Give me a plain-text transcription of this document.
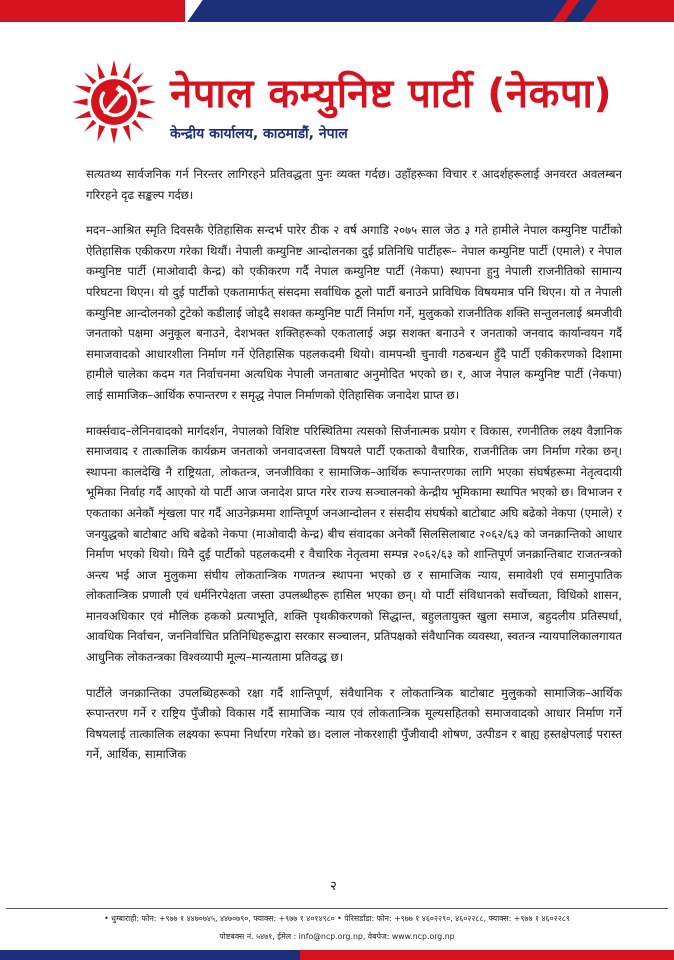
नेपाल कम्युनिष्ट पार्टी (नेकपा)
केन्द्रीय कार्यालय, काठमाडौं, नेपाल

सत्यतथ्य सार्वजनिक गर्न निरन्तर लागिरहने प्रतिवद्धता पुनः व्यक्त गर्दछ। उहाँहरूका विचार र आदर्शहरूलाई अनवरत अवलम्बन गरिरहने दृढ सङ्कल्प गर्दछ।

मदन–आश्रित स्मृति दिवसकै ऐतिहासिक सन्दर्भ पारेर ठीक २ वर्ष अगाडि २०७५ साल जेठ ३ गते हामीले नेपाल कम्युनिष्ट पार्टीको ऐतिहासिक एकीकरण गरेका थियौं। नेपाली कम्युनिष्ट आन्दोलनका दुई प्रतिनिधि पार्टीहरू– नेपाल कम्युनिष्ट पार्टी (एमाले) र नेपाल कम्युनिष्ट पार्टी (माओवादी केन्द्र) को एकीकरण गर्दै नेपाल कम्युनिष्ट पार्टी (नेकपा) स्थापना हुनु नेपाली राजनीतिको सामान्य परिघटना थिएन। यो दुई पार्टीको एकतामार्फत् संसदमा सर्वाधिक ठूलो पार्टी बनाउने प्राविधिक विषयमात्र पनि थिएन। यो त नेपाली कम्युनिष्ट आन्दोलनको टुटेको कडीलाई जोड्दै सशक्त कम्युनिष्ट पार्टी निर्माण गर्ने, मुलुकको राजनीतिक शक्ति सन्तुलनलाई श्रमजीवी जनताको पक्षमा अनुकूल बनाउने, देशभक्त शक्तिहरूको एकतालाई अझ सशक्त बनाउने र जनताको जनवाद कार्यान्वयन गर्दै समाजवादको आधारशीला निर्माण गर्ने ऐतिहासिक पहलकदमी थियो। वामपन्थी चुनावी गठबन्धन हुँदै पार्टी एकीकरणको दिशामा हामीले चालेका कदम गत निर्वाचनमा अत्यधिक नेपाली जनताबाट अनुमोदित भएको छ। र, आज नेपाल कम्युनिष्ट पार्टी (नेकपा) लाई सामाजिक–आर्थिक रुपान्तरण र समृद्ध नेपाल निर्माणको ऐतिहासिक जनादेश प्राप्त छ।

मार्क्सवाद–लेनिनवादको मार्गदर्शन, नेपालको विशिष्ट परिस्थितिमा त्यसको सिर्जनात्मक प्रयोग र विकास, रणनीतिक लक्ष्य वैज्ञानिक समाजवाद र तात्कालिक कार्यक्रम जनताको जनवादजस्ता विषयले पार्टी एकताको वैचारिक, राजनीतिक जग निर्माण गरेका छन्। स्थापना कालदेखि नै राष्ट्रियता, लोकतन्त्र, जनजीविका र सामाजिक–आर्थिक रूपान्तरणका लागि भएका संघर्षहरूमा नेतृत्वदायी भूमिका निर्वाह गर्दै आएको यो पार्टी आज जनादेश प्राप्त गरेर राज्य सञ्चालनको केन्द्रीय भूमिकामा स्थापित भएको छ। विभाजन र एकताका अनेकौं शृंखला पार गर्दै आउनेक्रममा शान्तिपूर्ण जनआन्दोलन र संसदीय संघर्षको बाटोबाट अघि बढेको नेकपा (एमाले) र जनयुद्धको बाटोबाट अघि बढेको नेकपा (माओवादी केन्द्र) बीच संवादका अनेकौं सिलसिलाबाट २०६२/६३ को जनक्रान्तिको आधार निर्माण भएको थियो। यिनै दुई पार्टीको पहलकदमी र वैचारिक नेतृत्वमा सम्पन्न २०६२/६३ को शान्तिपूर्ण जनक्रान्तिबाट राजतन्त्रको अन्त्य भई आज मुलुकमा संघीय लोकतान्त्रिक गणतन्त्र स्थापना भएको छ र सामाजिक न्याय, समावेशी एवं समानुपातिक लोकतान्त्रिक प्रणाली एवं धर्मनिरपेक्षता जस्ता उपलब्धीहरू हासिल भएका छन्। यो पार्टी संविधानको सर्वोच्चता, विधिको शासन, मानवअधिकार एवं मौलिक हकको प्रत्याभूति, शक्ति पृथकीकरणको सिद्धान्त, बहुलतायुक्त खुला समाज, बहुदलीय प्रतिस्पर्धा, आवधिक निर्वाचन, जननिर्वाचित प्रतिनिधिहरूद्वारा सरकार सञ्चालन, प्रतिपक्षको संवैधानिक व्यवस्था, स्वतन्त्र न्यायपालिकालगायत आधुनिक लोकतन्त्रका विश्वव्यापी मूल्य–मान्यतामा प्रतिवद्ध छ।

पार्टीले जनक्रान्तिका उपलब्धिहरूको रक्षा गर्दै शान्तिपूर्ण, संवैधानिक र लोकतान्त्रिक बाटोबाट मुलुकको सामाजिक–आर्थिक रूपान्तरण गर्ने र राष्ट्रिय पुँजीको विकास गर्दै सामाजिक न्याय एवं लोकतान्त्रिक मूल्यसहितको समाजवादको आधार निर्माण गर्ने विषयलाई तात्कालिक लक्ष्यका रूपमा निर्धारण गरेको छ। दलाल नोकरशाही पुँजीवादी शोषण, उत्पीडन र बाह्य हस्तक्षेपलाई परास्त गर्ने, आर्थिक, सामाजिक

२
• धुम्बाराही: फोन: +९७७ १ ४४७०७४५, ४४७०७९०, फ्याक्स: +९७७ १ ४०१४९८० • पेरिसडाँडा: फोन: +९७७ १ ४६०२२९०, ४६०२२८८, फ्याक्स: +९७७ १ ४६०२२८९
पोष्टबक्स नं. ५४७१, ईमेल : info@ncp.org.np, वेबपेज: www.ncp.org.np
